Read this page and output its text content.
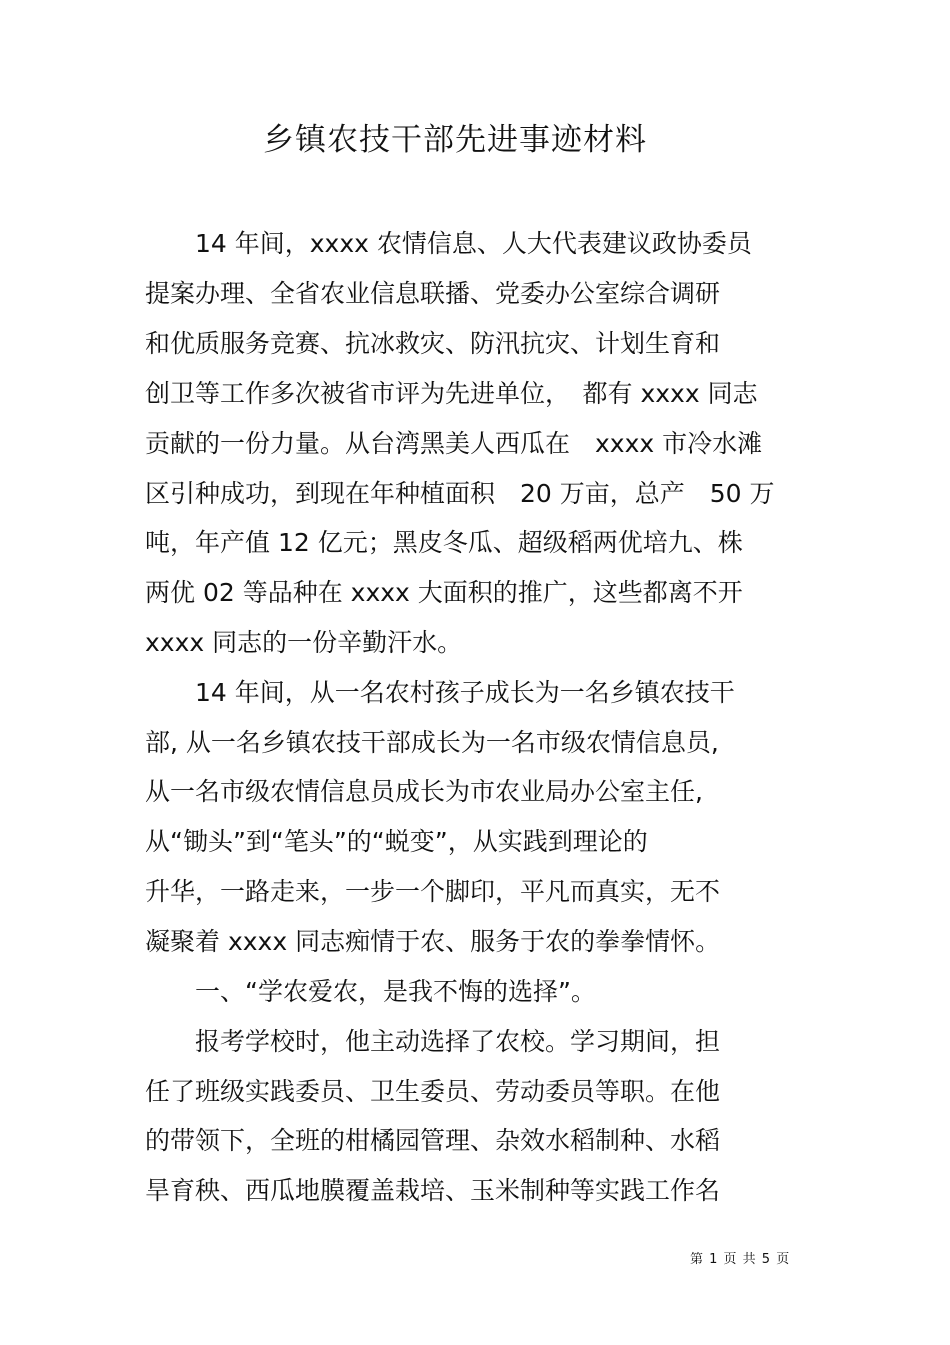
乡镇农技干部先进事迹材料
　　14 年间，xxxx 农情信息、人大代表建议政协委员
提案办理、全省农业信息联播、党委办公室综合调研
和优质服务竞赛、抗冰救灾、防汛抗灾、计划生育和
创卫等工作多次被省市评为先进单位，　都有 xxxx 同志
贡献的一份力量。从台湾黑美人西瓜在　xxxx 市冷水滩
区引种成功，到现在年种植面积　20 万亩，总产　50 万
吨，年产值 12 亿元；黑皮冬瓜、超级稻两优培九、株
两优 02 等品种在 xxxx 大面积的推广，这些都离不开
xxxx 同志的一份辛勤汗水。
　　14 年间，从一名农村孩子成长为一名乡镇农技干
部, 从一名乡镇农技干部成长为一名市级农情信息员,
从一名市级农情信息员成长为市农业局办公室主任,
从“锄头”到“笔头”的“蜕变”，从实践到理论的
升华，一路走来，一步一个脚印，平凡而真实，无不
凝聚着 xxxx 同志痴情于农、服务于农的拳拳情怀。
　　一、“学农爱农，是我不悔的选择”。
　　报考学校时，他主动选择了农校。学习期间，担
任了班级实践委员、卫生委员、劳动委员等职。在他
的带领下，全班的柑橘园管理、杂效水稻制种、水稻
旱育秧、西瓜地膜覆盖栽培、玉米制种等实践工作名
第 1 页 共 5 页
